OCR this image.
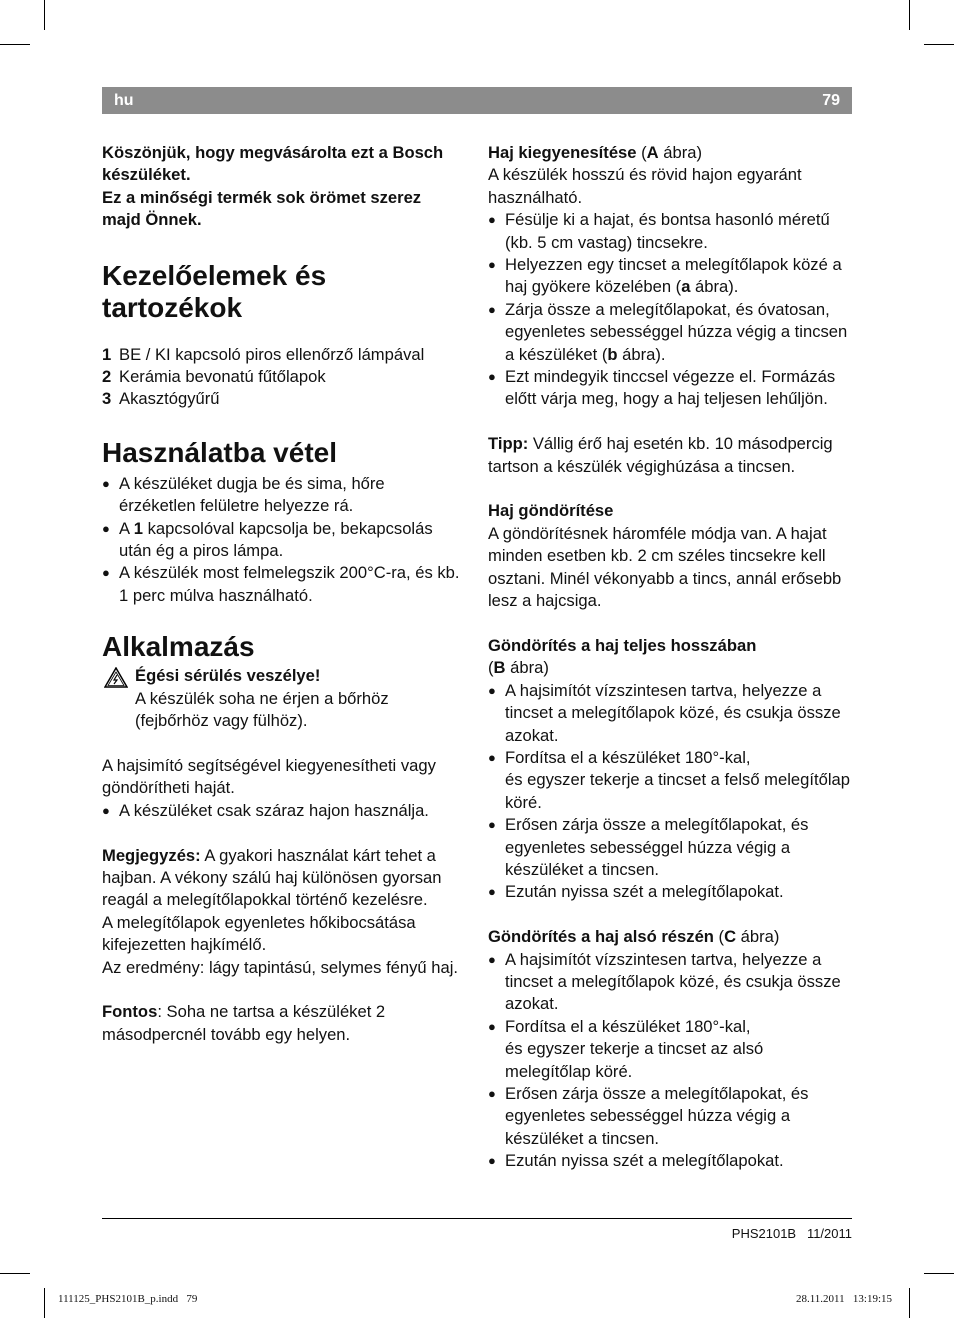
hu	79

Köszönjük, hogy megvásárolta ezt a Bosch készüléket.

Ez a minőségi termék sok örömet szerez majd Önnek.

Kezelőelemek és tartozékok
1 BE / KI kapcsoló piros ellenőrző lámpával
2 Kerámia bevonatú fűtőlapok
3 Akasztógyűrű
Használatba vétel
● A készüléket dugja be és sima, hőre érzéketlen felületre helyezze rá.
● A 1 kapcsolóval kapcsolja be, bekapcsolás után ég a piros lámpa.
● A készülék most felmelegszik 200°C-ra, és kb. 1 perc múlva használható.
Alkalmazás

Égési sérülés veszélye!

A készülék soha ne érjen a bőrhöz (fejbőrhöz vagy fülhöz).

A hajsimító segítségével kiegyenesítheti vagy göndörítheti haját.

● A készüléket csak száraz hajon használja.

Megjegyzés: A gyakori használat kárt tehet a hajban. A vékony szálú haj különösen gyorsan reagál a melegítőlapokkal történő kezelésre.

A melegítőlapok egyenletes hőkibocsátása kifejezetten hajkímélő.

Az eredmény: lágy tapintású, selymes fényű haj.

Fontos: Soha ne tartsa a készüléket 2 másodpercnél tovább egy helyen.

Haj kiegyenesítése (A ábra)

A készülék hosszú és rövid hajon egyaránt használható.

● Fésülje ki a hajat, és bontsa hasonló méretű (kb. 5 cm vastag) tincsekre.
● Helyezzen egy tincset a melegítőlapok közé a haj gyökere közelében (a ábra).
● Zárja össze a melegítőlapokat, és óvatosan, egyenletes sebességgel húzza végig a tincsen a készüléket (b ábra).
● Ezt mindegyik tinccsel végezze el. Formázás előtt várja meg, hogy a haj teljesen lehűljön.

Tipp: Vállig érő haj esetén kb. 10 másodpercig tartson a készülék végighúzása a tincsen.

Haj göndörítése

A göndörítésnek háromféle módja van. A hajat minden esetben kb. 2 cm széles tincsekre kell osztani. Minél vékonyabb a tincs, annál erősebb lesz a hajcsiga.

Göndörítés a haj teljes hosszában

(B ábra)

● A hajsimítót vízszintesen tartva, helyezze a tincset a melegítőlapok közé, és csukja össze azokat.
● Fordítsa el a készüléket 180°-kal,
és egyszer tekerje a tincset a felső melegítőlap köré.
● Erősen zárja össze a melegítőlapokat, és egyenletes sebességgel húzza végig a készüléket a tincsen.
● Ezután nyissa szét a melegítőlapokat.

Göndörítés a haj alsó részén (C ábra)

● A hajsimítót vízszintesen tartva, helyezze a tincset a melegítőlapok közé, és csukja össze azokat.
● Fordítsa el a készüléket 180°-kal,
és egyszer tekerje a tincset az alsó melegítőlap köré.
● Erősen zárja össze a melegítőlapokat, és egyenletes sebességgel húzza végig a készüléket a tincsen.
● Ezután nyissa szét a melegítőlapokat.
PHS2101B   11/2011
111125_PHS2101B_p.indd   79	28.11.2011   13:19:15
